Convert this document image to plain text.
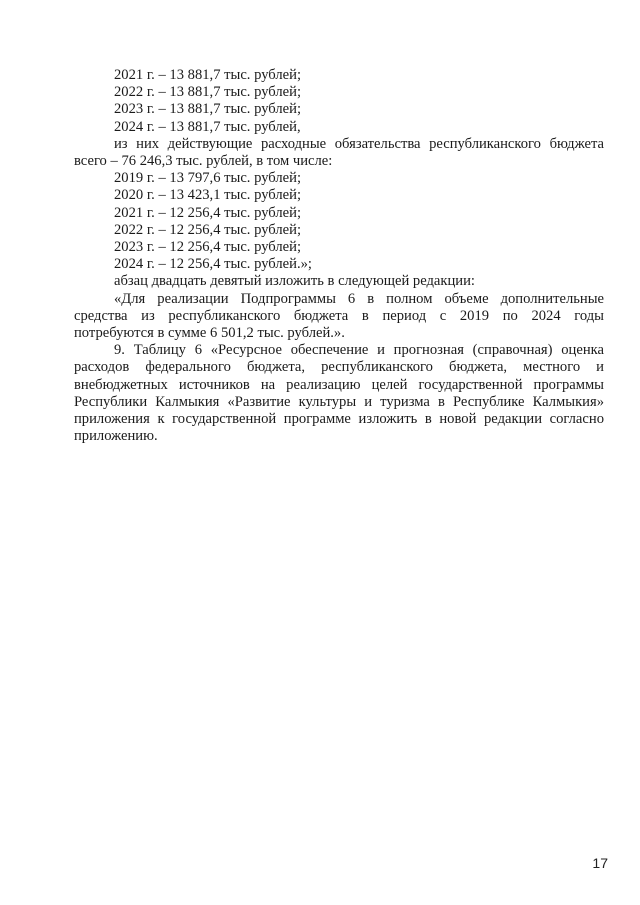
2021 г. – 13 881,7 тыс. рублей;
2022 г. – 13 881,7 тыс. рублей;
2023 г. – 13 881,7 тыс. рублей;
2024 г. – 13 881,7 тыс. рублей,
из них действующие расходные обязательства республиканского бюджета
всего – 76 246,3 тыс. рублей, в том числе:
2019 г. – 13 797,6 тыс. рублей;
2020 г. – 13 423,1 тыс. рублей;
2021 г. – 12 256,4 тыс. рублей;
2022 г. – 12 256,4 тыс. рублей;
2023 г. – 12 256,4 тыс. рублей;
2024 г. – 12 256,4 тыс. рублей.»;
абзац двадцать девятый изложить в следующей редакции:
«Для реализации Подпрограммы 6 в полном объеме дополнительные
средства из республиканского бюджета в период с 2019 по 2024 годы
потребуются в сумме 6 501,2 тыс. рублей.».
9. Таблицу 6 «Ресурсное обеспечение и прогнозная (справочная) оценка
расходов федерального бюджета, республиканского бюджета, местного и
внебюджетных источников на реализацию целей государственной программы
Республики Калмыкия «Развитие культуры и туризма в Республике Калмыкия»
приложения к государственной программе изложить в новой редакции согласно
приложению.
17
